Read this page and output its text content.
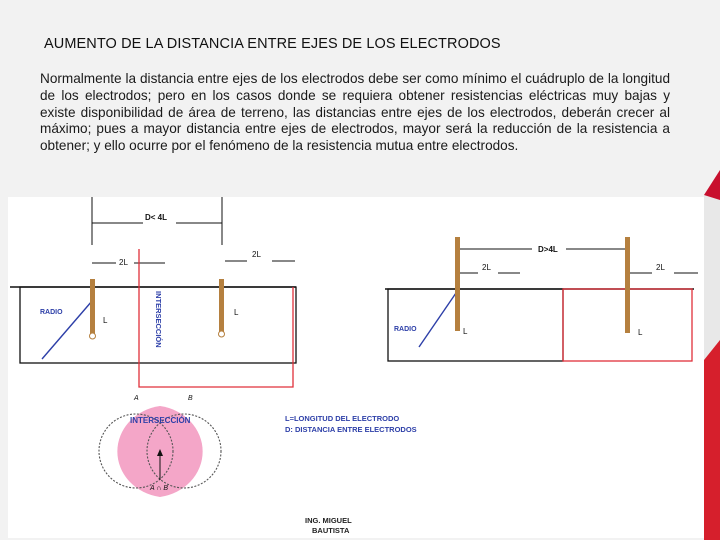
AUMENTO DE LA DISTANCIA ENTRE EJES DE LOS ELECTRODOS
Normalmente la distancia entre ejes de los electrodos debe ser como mínimo el cuádruplo de la longitud de los electrodos; pero en los casos donde se requiera obtener resistencias eléctricas muy bajas y existe disponibilidad de área de terreno, las distancias entre ejes de los electrodos, deberán crecer al máximo; pues a mayor distancia entre ejes de electrodos, mayor será la reducción de la resistencia a obtener; y ello ocurre por el fenómeno de la resistencia mutua entre electrodos.
D< 4L
2L
2L
RADIO
L
L
INTERSECCIÓN
D>4L
2L	2L
RADIO	L	L
A	B
INTERSECCIÓN
A ∩ B
L=LONGITUD DEL ELECTRODO
D: DISTANCIA ENTRE ELECTRODOS
ING. MIGUEL
BAUTISTA
